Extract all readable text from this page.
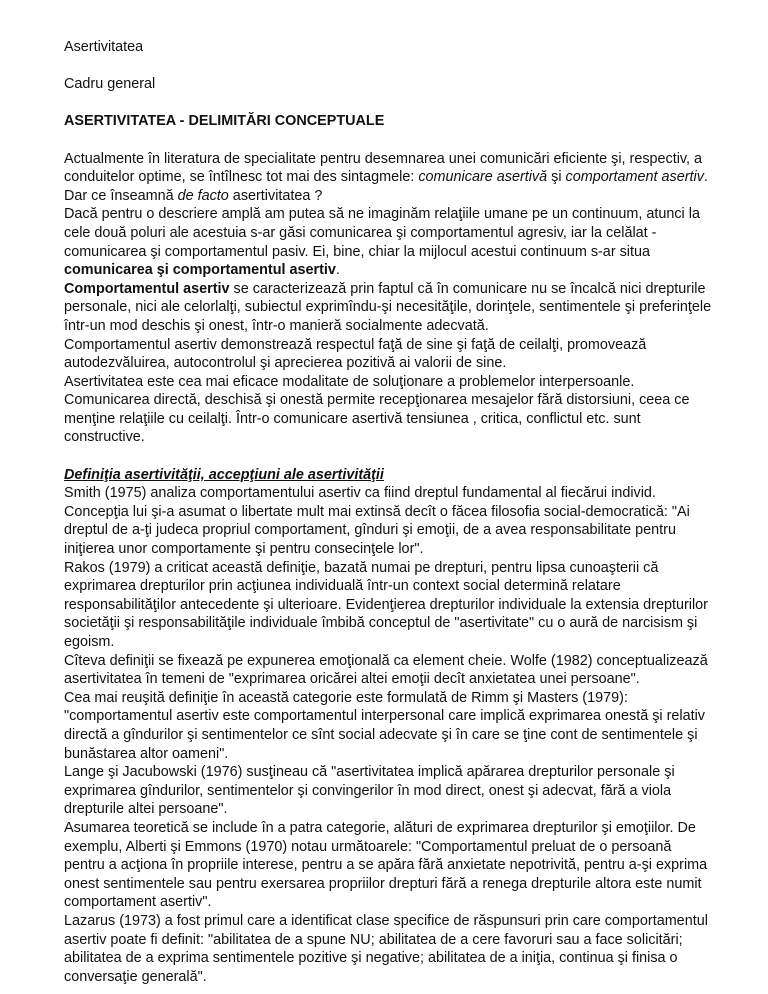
Asertivitatea

Cadru general

ASERTIVITATEA - DELIMITĂRI CONCEPTUALE

Actualmente în literatura de specialitate pentru desemnarea unei comunicări eficiente şi, respectiv, a conduitelor optime, se întîlnesc tot mai des sintagmele: comunicare asertivă şi comportament asertiv. Dar ce înseamnă de facto asertivitatea ?

Dacă pentru o descriere amplă am putea să ne imaginăm relaţiile umane pe un continuum, atunci la cele două poluri ale acestuia s-ar găsi comunicarea şi comportamentul agresiv, iar la celălat - comunicarea şi comportamentul pasiv. Ei, bine, chiar la mijlocul acestui continuum s-ar situa comunicarea şi comportamentul asertiv.

Comportamentul asertiv se caracterizează prin faptul că în comunicare nu se încalcă nici drepturile personale, nici ale celorlalţi, subiectul exprimîndu-şi necesităţile, dorinţele, sentimentele şi preferinţele într-un mod deschis şi onest, într-o manieră socialmente adecvată.

Comportamentul asertiv demonstrează respectul faţă de sine şi faţă de ceilalţi, promovează autodezvăluirea, autocontrolul şi aprecierea pozitivă ai valorii de sine.

Asertivitatea este cea mai eficace modalitate de soluţionare a problemelor interpersoanle.

Comunicarea directă, deschisă şi onestă permite recepţionarea mesajelor fără distorsiuni, ceea ce menţine relaţiile cu ceilalţi. Într-o comunicare asertivă tensiunea , critica, conflictul etc. sunt constructive.

Definiţia asertivităţii, accepţiuni ale asertivităţii

Smith (1975) analiza comportamentului asertiv ca fiind dreptul fundamental al fiecărui individ. Concepţia lui şi-a asumat o libertate mult mai extinsă decît o făcea filosofia social-democratică: "Ai dreptul de a-ţi judeca propriul comportament, gînduri şi emoţii, de a avea responsabilitate pentru iniţierea unor comportamente şi pentru consecinţele lor".

Rakos (1979) a criticat această definiţie, bazată numai pe drepturi, pentru lipsa cunoaşterii că exprimarea drepturilor prin acţiunea individuală într-un context social determină relatare responsabilităţilor antecedente şi ulterioare. Evidenţierea drepturilor individuale la extensia drepturilor societăţii şi responsabilităţile individuale îmbibă conceptul de "asertivitate" cu o aură de narcisism şi egoism.

Cîteva definiţii se fixează pe expunerea emoţională ca element cheie. Wolfe (1982) conceptualizează asertivitatea în temeni de "exprimarea oricărei altei emoţii decît anxietatea unei persoane".

Cea mai reuşită definiţie în această categorie este formulată de Rimm şi Masters (1979): "comportamentul asertiv este comportamentul interpersonal care implică exprimarea onestă şi relativ directă a gîndurilor şi sentimentelor ce sînt social adecvate şi în care se ţine cont de sentimentele şi bunăstarea altor oameni".

Lange şi Jacubowski (1976) susţineau că "asertivitatea implică apărarea drepturilor personale şi exprimarea gîndurilor, sentimentelor şi convingerilor în mod direct, onest şi adecvat, fără a viola drepturile altei persoane".

Asumarea teoretică se include în a patra categorie, alături de exprimarea drepturilor şi emoţiilor. De exemplu, Alberti şi Emmons (1970) notau următoarele: "Comportamentul preluat de o persoană pentru a acţiona în propriile interese, pentru a se apăra fără anxietate nepotrivită, pentru a-şi exprima onest sentimentele sau pentru exersarea propriilor drepturi fără a renega drepturile altora este numit comportament asertiv".

Lazarus (1973) a fost primul care a identificat clase specifice de răspunsuri prin care comportamentul asertiv poate fi definit: "abilitatea de a spune NU; abilitatea de a cere favoruri sau a face solicitări; abilitatea de a exprima sentimentele pozitive şi negative; abilitatea de a iniţia, continua şi finisa o conversaţie generală".
